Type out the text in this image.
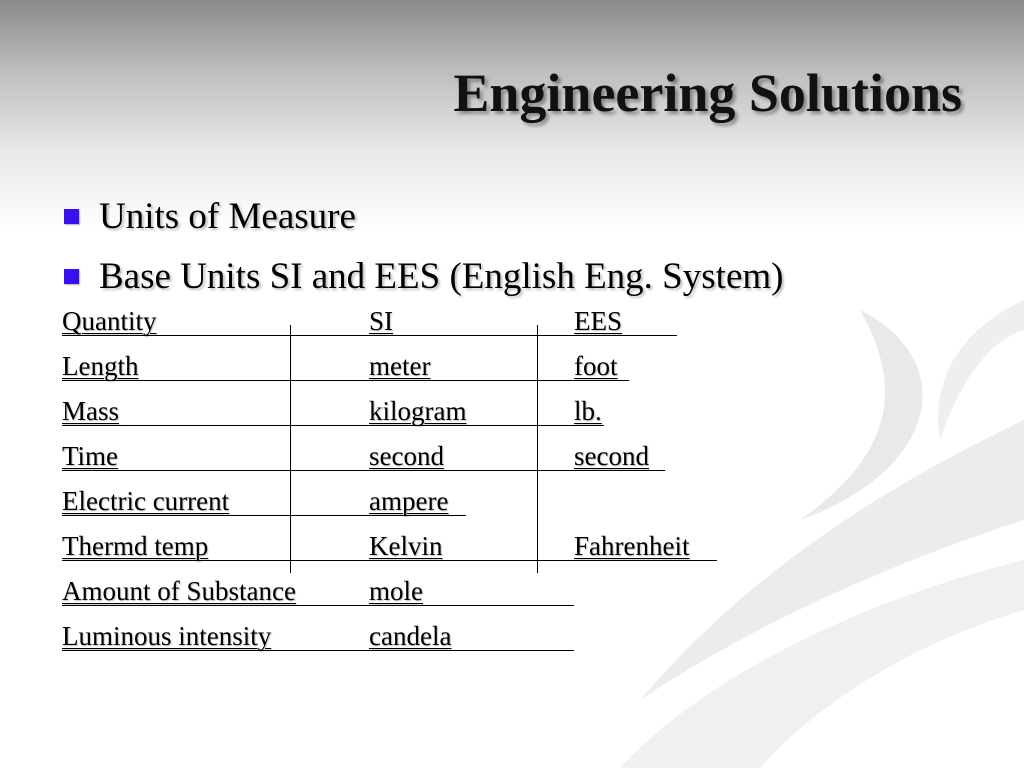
Engineering Solutions
Units of Measure
Base Units SI and EES (English Eng. System)
Quantity	SI	EES
Length	meter	foot
Mass	kilogram	lb.
Time	second	second
Electric current	ampere
Thermd temp	Kelvin	Fahrenheit
Amount of Substance	mole
Luminous intensity	candela
